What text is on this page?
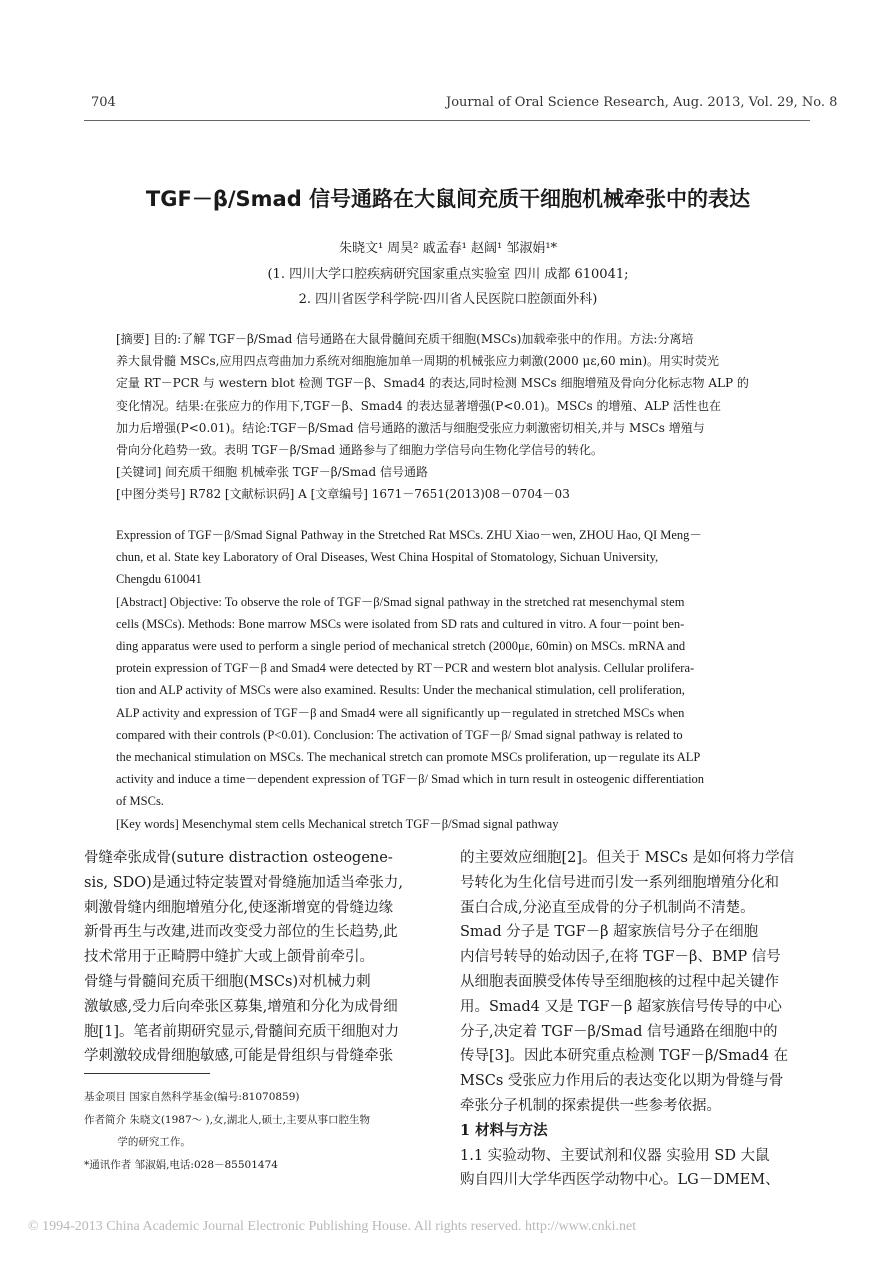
704	Journal of Oral Science Research, Aug. 2013, Vol. 29, No. 8
TGF－β/Smad 信号通路在大鼠间充质干细胞机械牵张中的表达
朱晓文¹ 周昊² 戚孟春¹ 赵阔¹ 邹淑娟¹*
(1. 四川大学口腔疾病研究国家重点实验室 四川 成都 610041;
2. 四川省医学科学院·四川省人民医院口腔颌面外科)
[摘要] 目的:了解 TGF－β/Smad 信号通路在大鼠骨髓间充质干细胞(MSCs)加载牵张中的作用。方法:分离培
养大鼠骨髓 MSCs,应用四点弯曲加力系统对细胞施加单一周期的机械张应力刺激(2000 με,60 min)。用实时荧光
定量 RT－PCR 与 western blot 检测 TGF－β、Smad4 的表达,同时检测 MSCs 细胞增殖及骨向分化标志物 ALP 的
变化情况。结果:在张应力的作用下,TGF－β、Smad4 的表达显著增强(P<0.01)。MSCs 的增殖、ALP 活性也在
加力后增强(P<0.01)。结论:TGF－β/Smad 信号通路的激活与细胞受张应力刺激密切相关,并与 MSCs 增殖与
骨向分化趋势一致。表明 TGF－β/Smad 通路参与了细胞力学信号向生物化学信号的转化。
[关键词] 间充质干细胞 机械牵张 TGF－β/Smad 信号通路
[中图分类号] R782 [文献标识码] A [文章编号] 1671－7651(2013)08－0704－03
Expression of TGF－β/Smad Signal Pathway in the Stretched Rat MSCs. ZHU Xiao－wen, ZHOU Hao, QI Meng－
chun, et al. State key Laboratory of Oral Diseases, West China Hospital of Stomatology, Sichuan University,
Chengdu 610041
[Abstract] Objective: To observe the role of TGF－β/Smad signal pathway in the stretched rat mesenchymal stem
cells (MSCs). Methods: Bone marrow MSCs were isolated from SD rats and cultured in vitro. A four－point ben-
ding apparatus were used to perform a single period of mechanical stretch (2000με, 60min) on MSCs. mRNA and
protein expression of TGF－β and Smad4 were detected by RT－PCR and western blot analysis. Cellular prolifera-
tion and ALP activity of MSCs were also examined. Results: Under the mechanical stimulation, cell proliferation,
ALP activity and expression of TGF－β and Smad4 were all significantly up－regulated in stretched MSCs when
compared with their controls (P<0.01). Conclusion: The activation of TGF－β/ Smad signal pathway is related to
the mechanical stimulation on MSCs. The mechanical stretch can promote MSCs proliferation, up－regulate its ALP
activity and induce a time－dependent expression of TGF－β/ Smad which in turn result in osteogenic differentiation
of MSCs.
[Key words] Mesenchymal stem cells Mechanical stretch TGF－β/Smad signal pathway
骨缝牵张成骨(suture distraction osteogene-
sis, SDO)是通过特定装置对骨缝施加适当牵张力,
刺激骨缝内细胞增殖分化,使逐渐增宽的骨缝边缘
新骨再生与改建,进而改变受力部位的生长趋势,此
技术常用于正畸腭中缝扩大或上颌骨前牵引。
骨缝与骨髓间充质干细胞(MSCs)对机械力刺
激敏感,受力后向牵张区募集,增殖和分化为成骨细
胞[1]。笔者前期研究显示,骨髓间充质干细胞对力
学刺激较成骨细胞敏感,可能是骨组织与骨缝牵张
基金项目 国家自然科学基金(编号:81070859)
作者简介 朱晓文(1987～ ),女,湖北人,硕士,主要从事口腔生物
学的研究工作。
*通讯作者 邹淑娟,电话:028－85501474
的主要效应细胞[2]。但关于 MSCs 是如何将力学信
号转化为生化信号进而引发一系列细胞增殖分化和
蛋白合成,分泌直至成骨的分子机制尚不清楚。
Smad 分子是 TGF－β 超家族信号分子在细胞
内信号转导的始动因子,在将 TGF－β、BMP 信号
从细胞表面膜受体传导至细胞核的过程中起关键作
用。Smad4 又是 TGF－β 超家族信号传导的中心
分子,决定着 TGF－β/Smad 信号通路在细胞中的
传导[3]。因此本研究重点检测 TGF－β/Smad4 在
MSCs 受张应力作用后的表达变化以期为骨缝与骨
牵张分子机制的探索提供一些参考依据。
1 材料与方法
1.1 实验动物、主要试剂和仪器 实验用 SD 大鼠
购自四川大学华西医学动物中心。LG－DMEM、
© 1994-2013 China Academic Journal Electronic Publishing House. All rights reserved. http://www.cnki.net
